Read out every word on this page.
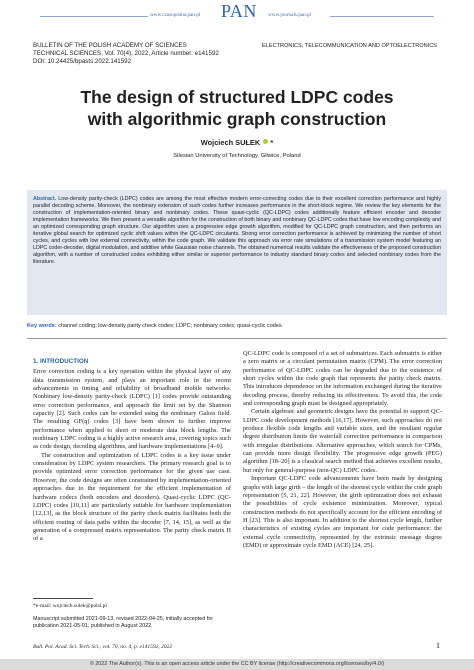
www.czasopisma.pan.pl PAN www.journals.pan.pl
BULLETIN OF THE POLISH ACADEMY OF SCIENCES
TECHNICAL SCIENCES, Vol. 70(4), 2022, Article number: e141592
DOI: 10.24425/bpasts.2022.141592
ELECTRONICS, TELECOMMUNICATION AND OPTOELECTRONICS
The design of structured LDPC codes
with algorithmic graph construction
Wojciech SUŁEK *
Silesian University of Technology, Gliwice, Poland
Abstract. Low-density parity-check (LDPC) codes are among the most effective modern error-correcting codes due to their excellent correction performance and highly parallel decoding scheme. Moreover, the nonbinary extension of such codes further increases performance in the short-block regime. We review the key elements for the construction of implementation-oriented binary and nonbinary codes. These quasi-cyclic (QC-LDPC) codes additionally feature efficient encoder and decoder implementation frameworks. We then present a versatile algorithm for the construction of both binary and nonbinary QC-LDPC codes that have low encoding complexity and an optimized corresponding graph structure. Our algorithm uses a progressive edge growth algorithm, modified for QC-LDPC graph construction, and then performs an iterative global search for optimized cyclic shift values within the QC-LDPC circulants. Strong error correction performance is achieved by minimizing the number of short cycles, and cycles with low external connectivity, within the code graph. We validate this approach via error rate simulations of a transmission system model featuring an LDPC coder-decoder, digital modulation, and additive white Gaussian noise channels. The obtained numerical results validate the effectiveness of the proposed construction algorithm, with a number of constructed codes exhibiting either similar or superior performance to industry standard binary codes and selected nonbinary codes from the literature.
Key words: channel coding; low-density parity check codes; LDPC; nonbinary codes; quasi-cyclic codes.
1. INTRODUCTION

Error correction coding is a key operation within the physical layer of any data transmission system, and plays an important role in the recent advancements in timing and reliability of broadband mobile networks. Nonbinary low-density parity-check (LDPC) [1] codes provide outstanding error correction performance, and approach the limit set by the Shannon capacity [2]. Such codes can be extended using the nonbinary Galois field. The resulting GF(q) codes [3] have been shown to further improve performance when applied to short or moderate data block lengths. The nonbinary LDPC coding is a highly active research area, covering topics such as code design, decoding algorithms, and hardware implementations [4–9].

The construction and optimization of LDPC codes is a key issue under consideration by LDPC system researchers. The primary research goal is to provide optimized error correction performance for the given use case. However, the code designs are often constrained by implementation-oriented approaches due to the requirement for the efficient implementation of hardware codecs (both encoders and decoders). Quasi-cyclic LDPC (QC-LDPC) codes [10,11] are particularly suitable for hardware implementation [12,13], as the block structure of the parity check matrix facilitates both the efficient routing of data paths within the decoder [7, 14, 15], as well as the generation of a compressed matrix representation. The parity check matrix H of a

QC-LDPC code is composed of a set of submatrices. Each submatrix is either a zero matrix or a circulant permutation matrix (CPM). The error correction performance of QC-LDPC codes can be degraded due to the existence of short cycles within the code graph that represents the parity check matrix. This introduces dependence on the information exchanged during the iterative decoding process, thereby reducing its effectiveness. To avoid this, the code and corresponding graph must be designed appropriately.

Certain algebraic and geometric designs have the potential to support QC-LDPC code development methods [16,17]. However, such approaches do not produce flexible code lengths and variable sizes, and the resultant regular degree distribution limits the waterfall correction performance in comparison with irregular distributions. Alternative approaches, which search for CPMs, can provide more design flexibility. The progressive edge growth (PEG) algorithm [18–20] is a classical search method that achieves excellent results, but only for general-purpose (non-QC) LDPC codes.

Important QC-LDPC code advancements have been made by designing graphs with large girth – the length of the shortest cycle within the code graph representation [5, 21, 22]. However, the girth optimization does not exhaust the possibilities of cycle existence minimization. Moreover, typical construction methods do not specifically account for the efficient encoding of H [23]. This is also important. In addition to the shortest cycle length, further characteristics of existing cycles are important for code performance: the external cycle connectivity, represented by the extrinsic message degree (EMD) or approximate cycle EMD (ACE) [24, 25].

*e-mail: wojciech.sulek@polsl.pl
Manuscript submitted 2021-09-13, revised 2022-04-25, initially accepted for publication 2021-05-01, published in August 2022.
Bull. Pol. Acad. Sci. Tech. Sci., vol. 70, no. 4, p. e141592, 2022	1
© 2022 The Author(s). This is an open access article under the CC BY license (http://creativecommons.org/licenses/by/4.0/)
